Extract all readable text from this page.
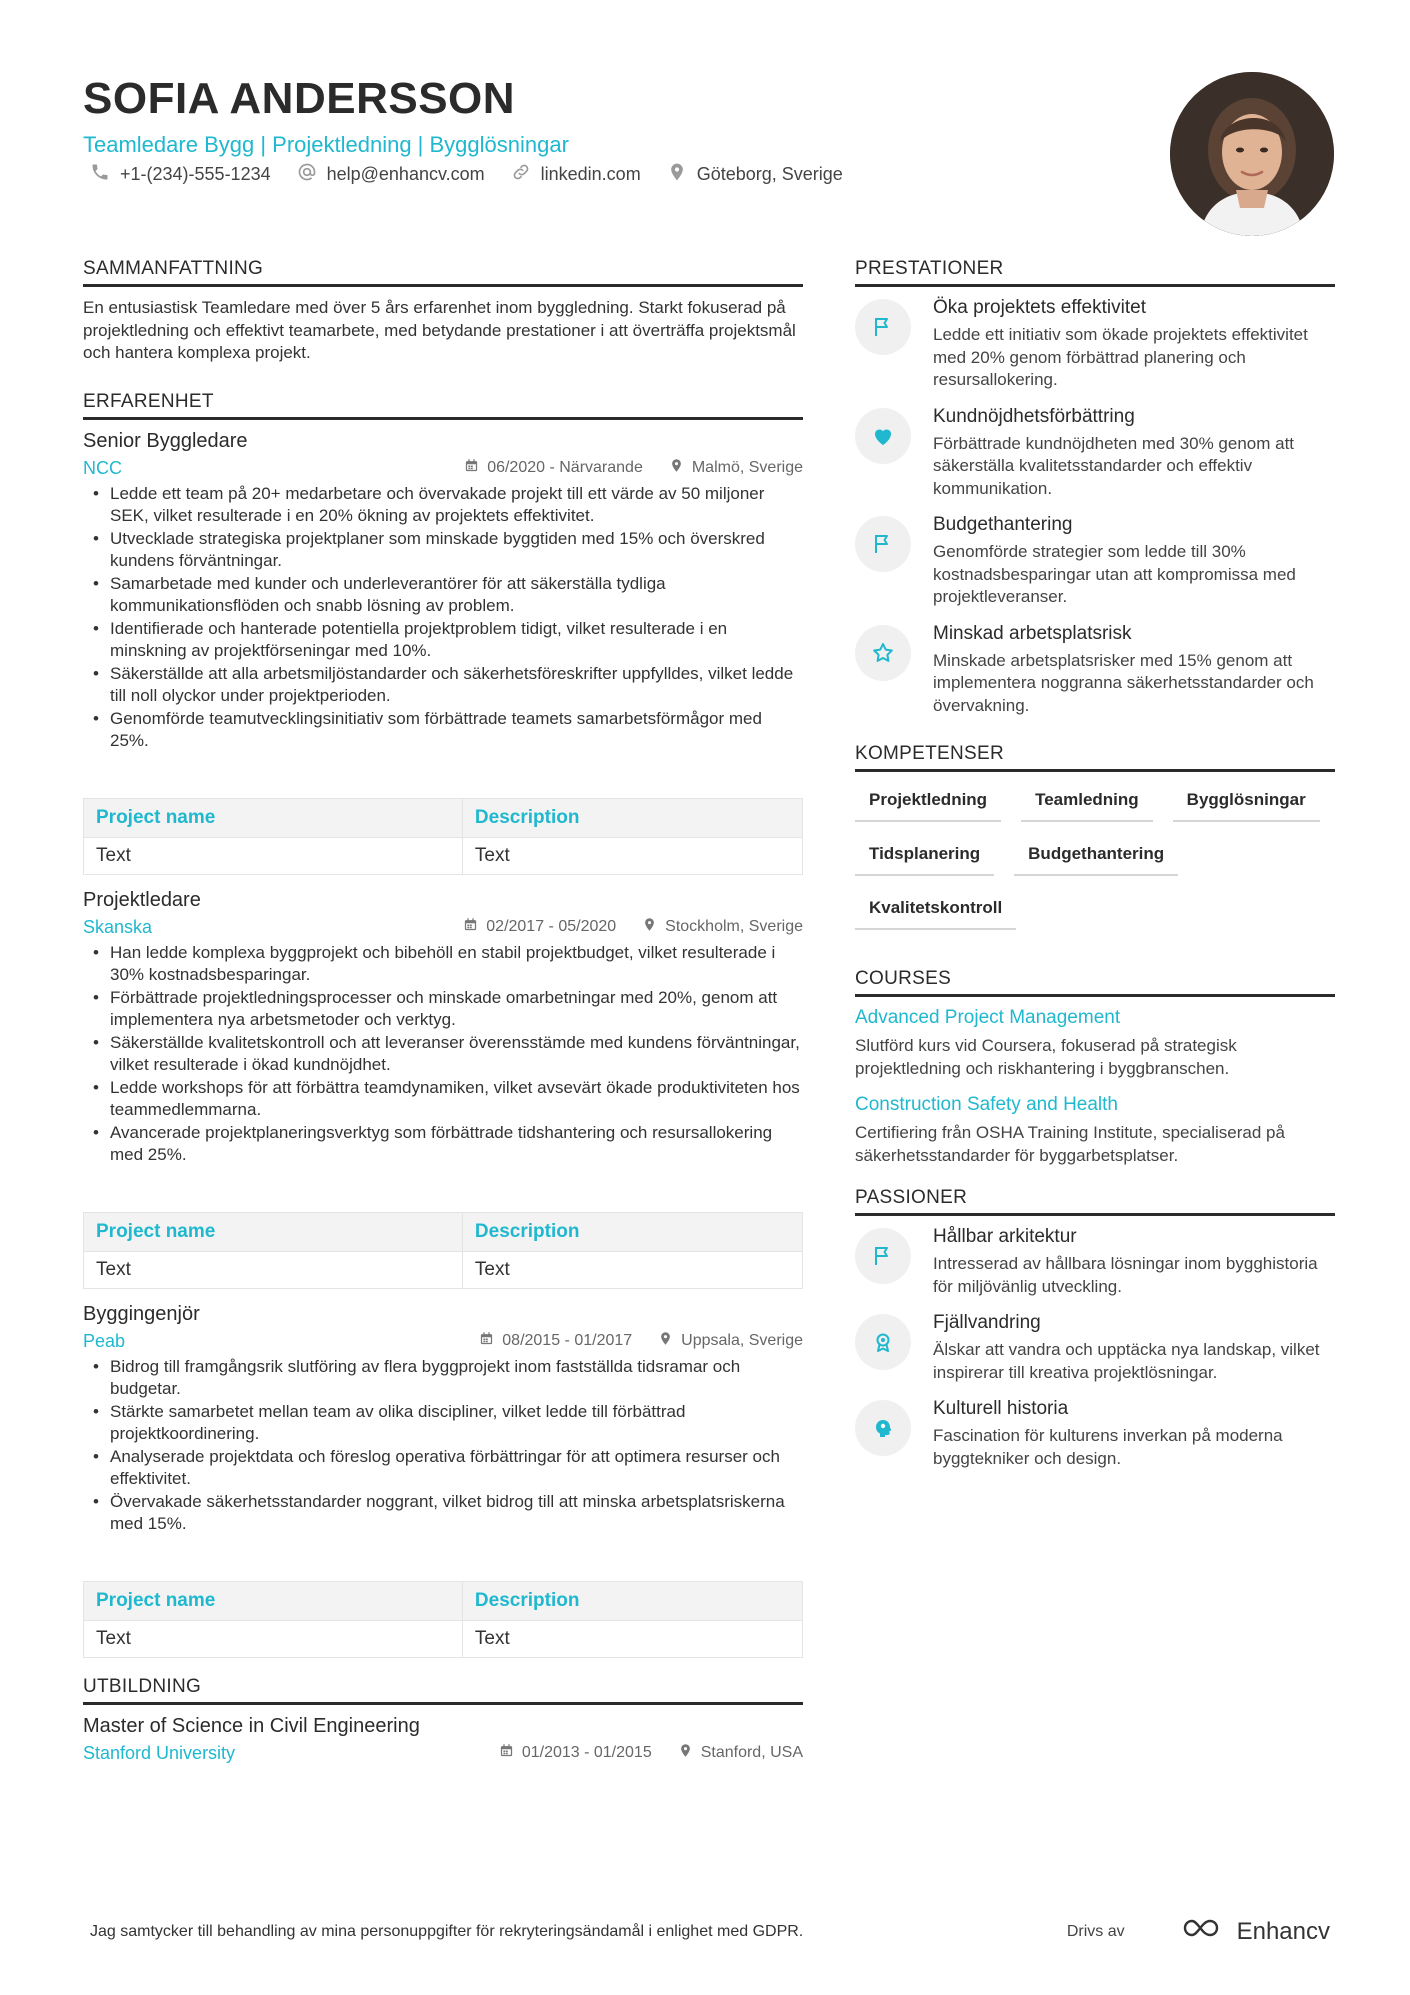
SOFIA ANDERSSON
Teamledare Bygg | Projektledning | Bygglösningar
+1-(234)-555-1234	help@enhancv.com	linkedin.com	Göteborg, Sverige
SAMMANFATTNING

En entusiastisk Teamledare med över 5 års erfarenhet inom byggledning. Starkt fokuserad på projektledning och effektivt teamarbete, med betydande prestationer i att överträffa projektsmål och hantera komplexa projekt.

ERFARENHET
Senior Byggledare
NCC	06/2020 - Närvarande	Malmö, Sverige
• Ledde ett team på 20+ medarbetare och övervakade projekt till ett värde av 50 miljoner SEK, vilket resulterade i en 20% ökning av projektets effektivitet.
• Utvecklade strategiska projektplaner som minskade byggtiden med 15% och överskred kundens förväntningar.
• Samarbetade med kunder och underleverantörer för att säkerställa tydliga kommunikationsflöden och snabb lösning av problem.
• Identifierade och hanterade potentiella projektproblem tidigt, vilket resulterade i en minskning av projektförseningar med 10%.
• Säkerställde att alla arbetsmiljöstandarder och säkerhetsföreskrifter uppfylldes, vilket ledde till noll olyckor under projektperioden.
• Genomförde teamutvecklingsinitiativ som förbättrade teamets samarbetsförmågor med 25%.
Project name	Description
Text	Text
Projektledare
Skanska	02/2017 - 05/2020	Stockholm, Sverige
• Han ledde komplexa byggprojekt och bibehöll en stabil projektbudget, vilket resulterade i 30% kostnadsbesparingar.
• Förbättrade projektledningsprocesser och minskade omarbetningar med 20%, genom att implementera nya arbetsmetoder och verktyg.
• Säkerställde kvalitetskontroll och att leveranser överensstämde med kundens förväntningar, vilket resulterade i ökad kundnöjdhet.
• Ledde workshops för att förbättra teamdynamiken, vilket avsevärt ökade produktiviteten hos teammedlemmarna.
• Avancerade projektplaneringsverktyg som förbättrade tidshantering och resursallokering med 25%.
Project name	Description
Text	Text
Byggingenjör
Peab	08/2015 - 01/2017	Uppsala, Sverige
• Bidrog till framgångsrik slutföring av flera byggprojekt inom fastställda tidsramar och budgetar.
• Stärkte samarbetet mellan team av olika discipliner, vilket ledde till förbättrad projektkoordinering.
• Analyserade projektdata och föreslog operativa förbättringar för att optimera resurser och effektivitet.
• Övervakade säkerhetsstandarder noggrant, vilket bidrog till att minska arbetsplatsriskerna med 15%.
Project name	Description
Text	Text
UTBILDNING
Master of Science in Civil Engineering
Stanford University	01/2013 - 01/2015	Stanford, USA
PRESTATIONER
Öka projektets effektivitet
Ledde ett initiativ som ökade projektets effektivitet med 20% genom förbättrad planering och resursallokering.
Kundnöjdhetsförbättring
Förbättrade kundnöjdheten med 30% genom att säkerställa kvalitetsstandarder och effektiv kommunikation.
Budgethantering
Genomförde strategier som ledde till 30% kostnadsbesparingar utan att kompromissa med projektleveranser.
Minskad arbetsplatsrisk
Minskade arbetsplatsrisker med 15% genom att implementera noggranna säkerhetsstandarder och övervakning.
KOMPETENSER
Projektledning	Teamledning	Bygglösningar
Tidsplanering	Budgethantering
Kvalitetskontroll
COURSES
Advanced Project Management
Slutförd kurs vid Coursera, fokuserad på strategisk projektledning och riskhantering i byggbranschen.
Construction Safety and Health
Certifiering från OSHA Training Institute, specialiserad på säkerhetsstandarder för byggarbetsplatser.
PASSIONER
Hållbar arkitektur
Intresserad av hållbara lösningar inom bygghistoria för miljövänlig utveckling.
Fjällvandring
Älskar att vandra och upptäcka nya landskap, vilket inspirerar till kreativa projektlösningar.
Kulturell historia
Fascination för kulturens inverkan på moderna byggtekniker och design.
Jag samtycker till behandling av mina personuppgifter för rekryteringsändamål i enlighet med GDPR.	Drivs av	Enhancv
